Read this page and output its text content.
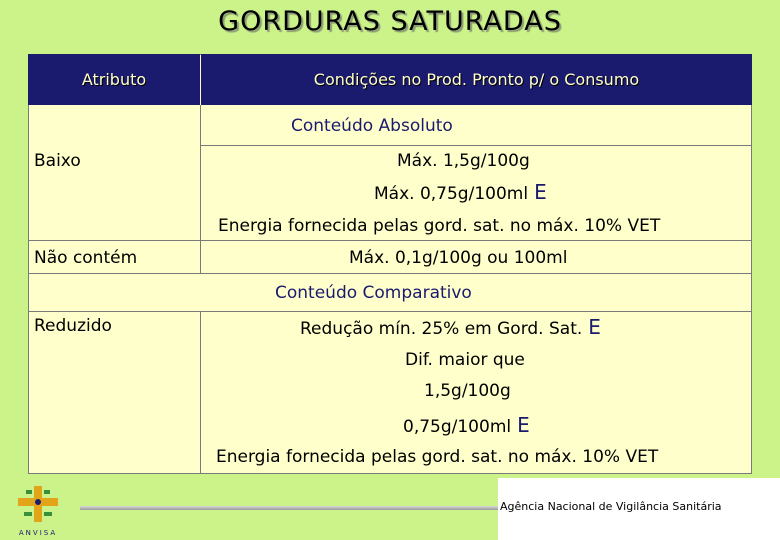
GORDURAS SATURADAS
Atributo	Condições no Prod. Pronto p/ o Consumo
Conteúdo Absoluto
Baixo	Máx. 1,5g/100g
Máx. 0,75g/100ml E
Energia fornecida pelas gord. sat. no máx. 10% VET
Não contém	Máx. 0,1g/100g ou 100ml
Conteúdo Comparativo
Reduzido	Redução mín. 25% em Gord. Sat. E
Dif. maior que
1,5g/100g
0,75g/100ml E
Energia fornecida pelas gord. sat. no máx. 10% VET
Agência Nacional de Vigilância Sanitária
ANVISA
